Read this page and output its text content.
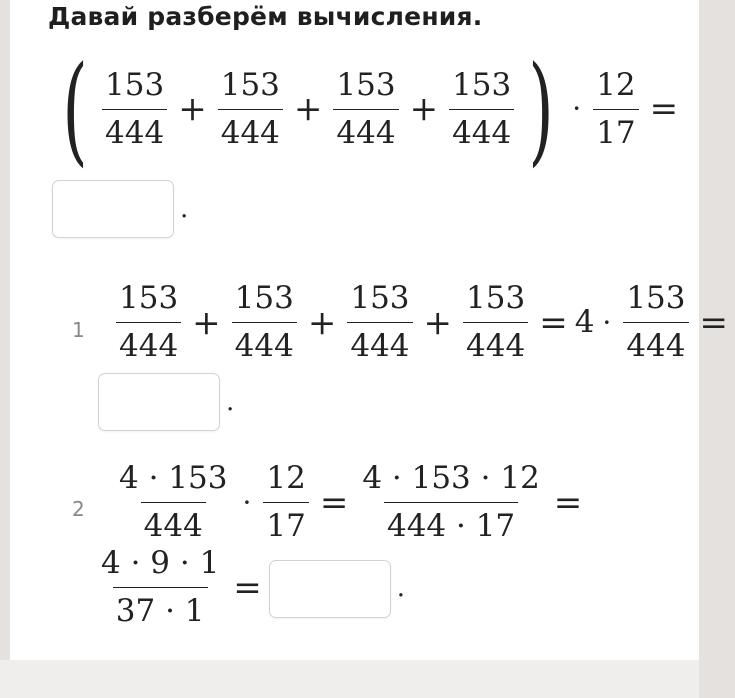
Давай разберём вычисления.
( $\frac{153}{444} + \frac{153}{444} + \frac{153}{444} + \frac{153}{444}$ ) · $\frac{12}{17}$ =
.
$1 \frac{153}{444} + \frac{153}{444} + \frac{153}{444} + \frac{153}{444} = 4 \cdot \frac{153}{444}$ =
.
$2 \frac{4 \cdot 153}{444} \cdot \frac{12}{17} = \frac{4 \cdot 153 \cdot 12}{444 \cdot 17}$ =
$\frac{4 \cdot 9 \cdot 1}{37 \cdot 1}$ =	.
